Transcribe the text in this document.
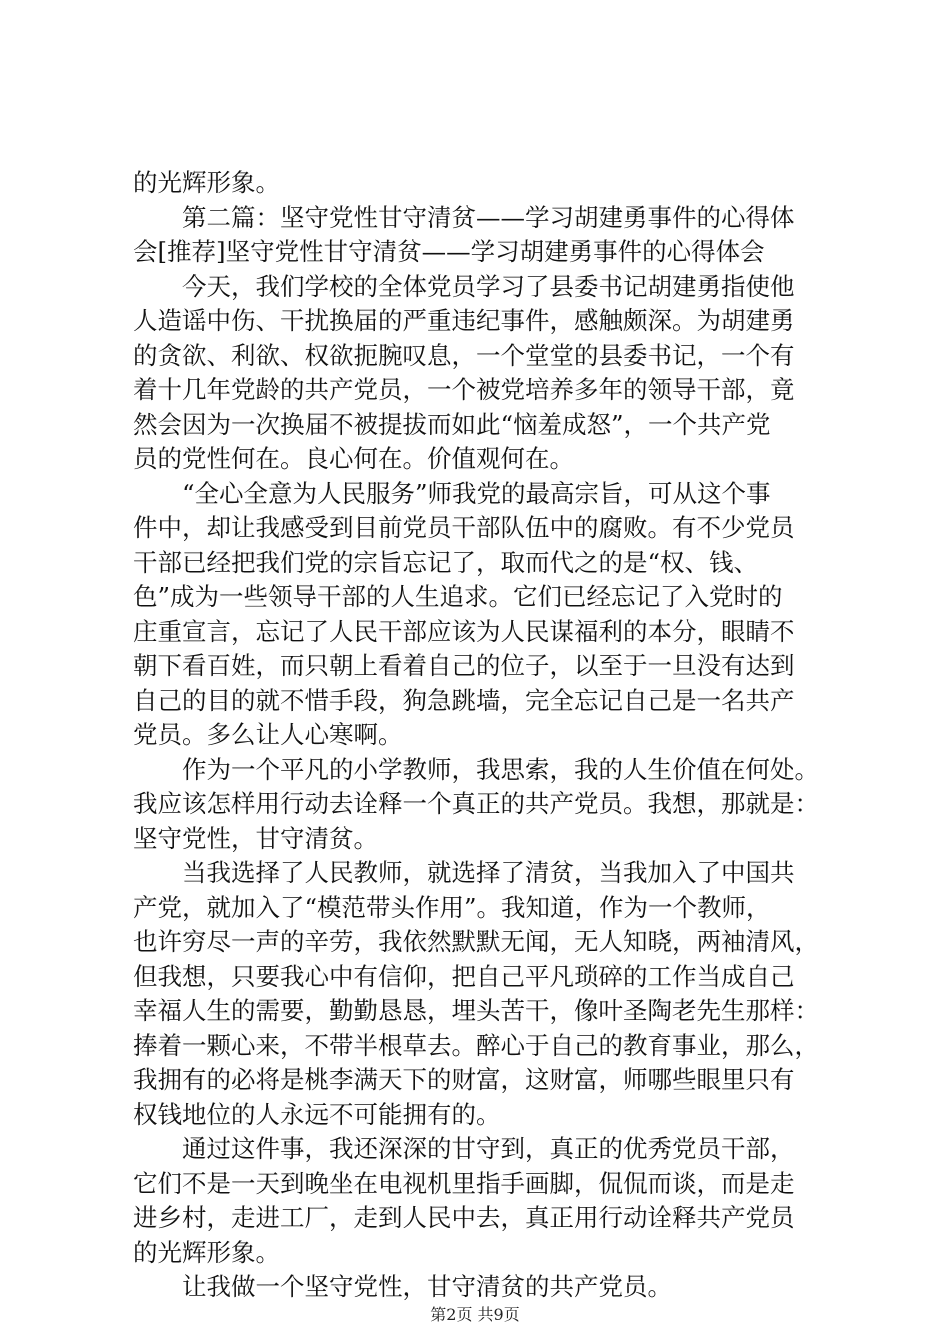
的光辉形象。

第二篇：坚守党性甘守清贫——学习胡建勇事件的心得体

会[推荐]坚守党性甘守清贫——学习胡建勇事件的心得体会

今天，我们学校的全体党员学习了县委书记胡建勇指使他

人造谣中伤、干扰换届的严重违纪事件，感触颇深。为胡建勇

的贪欲、利欲、权欲扼腕叹息，一个堂堂的县委书记，一个有

着十几年党龄的共产党员，一个被党培养多年的领导干部，竟

然会因为一次换届不被提拔而如此“恼羞成怒”，一个共产党

员的党性何在。良心何在。价值观何在。

“全心全意为人民服务”师我党的最高宗旨，可从这个事

件中，却让我感受到目前党员干部队伍中的腐败。有不少党员

干部已经把我们党的宗旨忘记了，取而代之的是“权、钱、

色”成为一些领导干部的人生追求。它们已经忘记了入党时的

庄重宣言，忘记了人民干部应该为人民谋福利的本分，眼睛不

朝下看百姓，而只朝上看着自己的位子，以至于一旦没有达到

自己的目的就不惜手段，狗急跳墙，完全忘记自己是一名共产

党员。多么让人心寒啊。

作为一个平凡的小学教师，我思索，我的人生价值在何处。

我应该怎样用行动去诠释一个真正的共产党员。我想，那就是：

坚守党性，甘守清贫。

当我选择了人民教师，就选择了清贫，当我加入了中国共

产党，就加入了“模范带头作用”。我知道，作为一个教师，

也许穷尽一声的辛劳，我依然默默无闻，无人知晓，两袖清风，

但我想，只要我心中有信仰，把自己平凡琐碎的工作当成自己

幸福人生的需要，勤勤恳恳，埋头苦干，像叶圣陶老先生那样：

捧着一颗心来，不带半根草去。醉心于自己的教育事业，那么，

我拥有的必将是桃李满天下的财富，这财富，师哪些眼里只有

权钱地位的人永远不可能拥有的。

通过这件事，我还深深的甘守到，真正的优秀党员干部，

它们不是一天到晚坐在电视机里指手画脚，侃侃而谈，而是走

进乡村，走进工厂，走到人民中去，真正用行动诠释共产党员

的光辉形象。

让我做一个坚守党性，甘守清贫的共产党员。

第2页 共9页
